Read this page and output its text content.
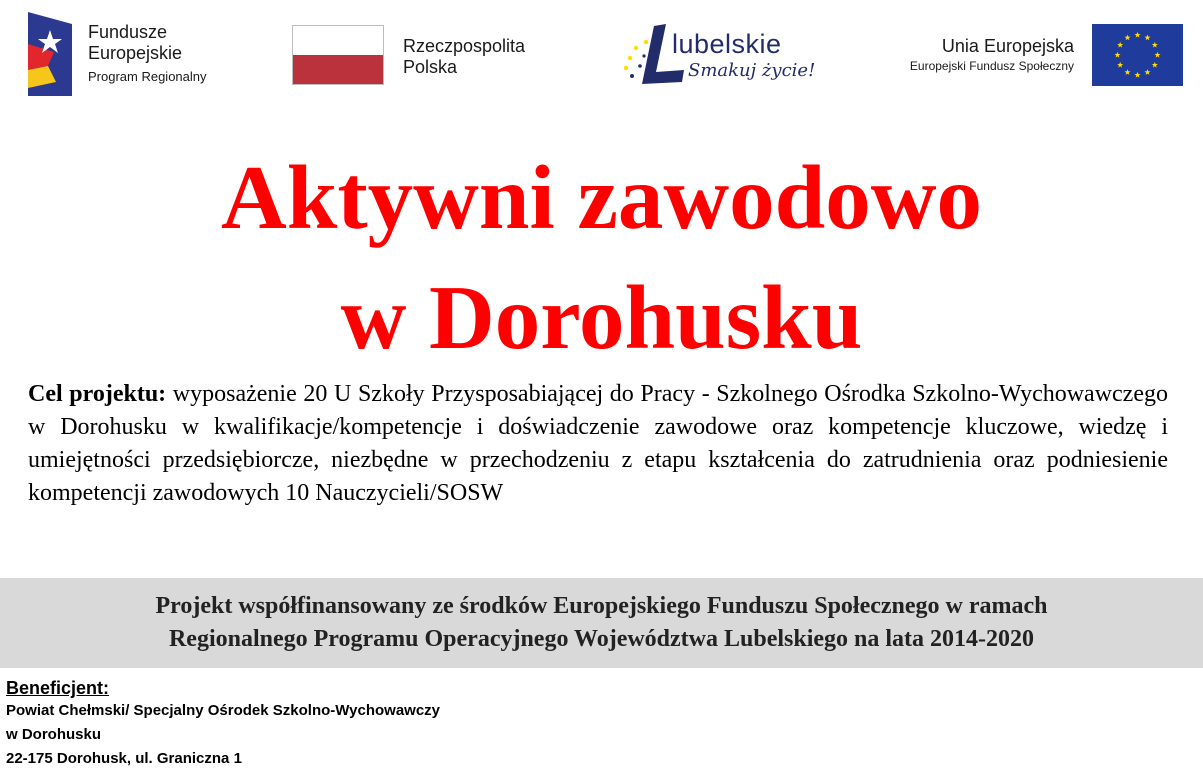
Fundusze
Europejskie
Program Regionalny
Rzeczpospolita
Polska
lubelskie
Smakuj życie!
Unia Europejska
Europejski Fundusz Społeczny
Aktywni zawodowo
w Dorohusku

Cel projektu: wyposażenie 20 U Szkoły Przysposabiającej do Pracy - Szkolnego Ośrodka Szkolno-Wychowawczego w Dorohusku w kwalifikacje/kompetencje i doświadczenie zawodowe oraz kompetencje kluczowe, wiedzę i umiejętności przedsiębiorcze, niezbędne w przechodzeniu z etapu kształcenia do zatrudnienia oraz podniesienie kompetencji zawodowych 10 Nauczycieli/SOSW

Projekt współfinansowany ze środków Europejskiego Funduszu Społecznego w ramach
Regionalnego Programu Operacyjnego Województwa Lubelskiego na lata 2014-2020
Beneficjent:
Powiat Chełmski/ Specjalny Ośrodek Szkolno-Wychowawczy
w Dorohusku
22-175 Dorohusk, ul. Graniczna 1
